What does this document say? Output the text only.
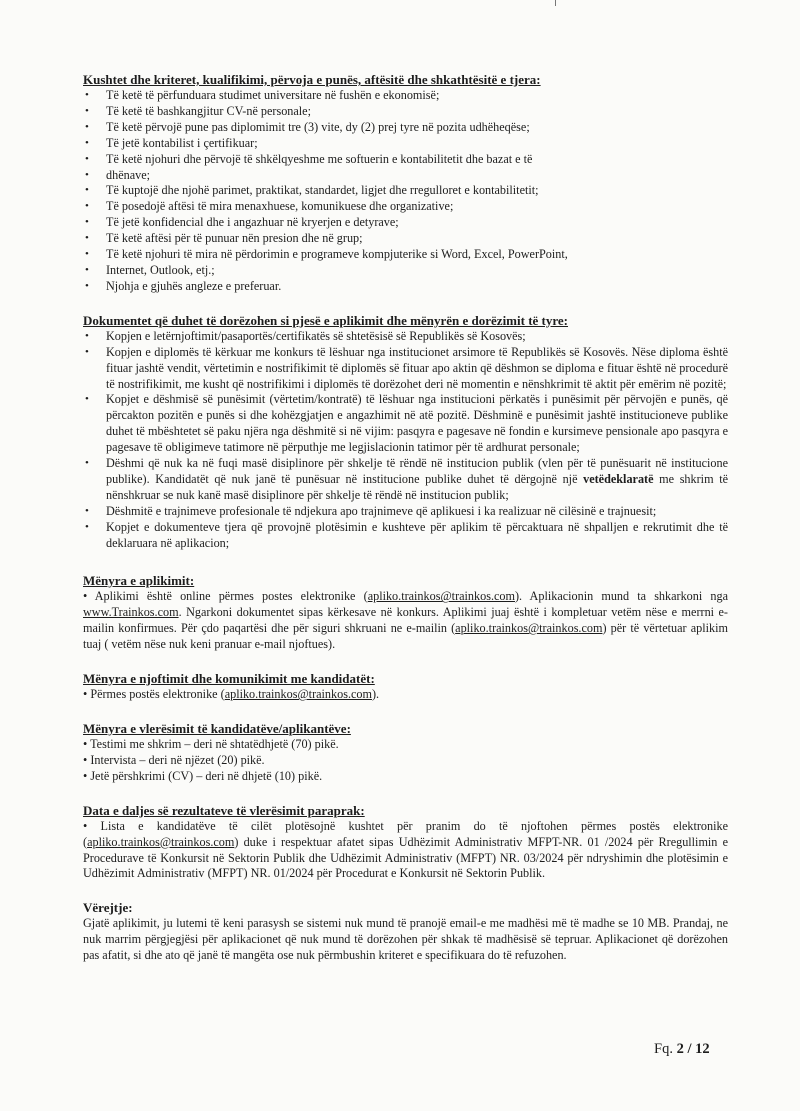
Kushtet dhe kriteret, kualifikimi, përvoja e punës, aftësitë dhe shkathtësitë e tjera:

• Të ketë të përfunduara studimet universitare në fushën e ekonomisë;
• Të ketë të bashkangjitur CV-në personale;
• Të ketë përvojë pune pas diplomimit tre (3) vite, dy (2) prej tyre në pozita udhëheqëse;
• Të jetë kontabilist i çertifikuar;
• Të ketë njohuri dhe përvojë të shkëlqyeshme me softuerin e kontabilitetit dhe bazat e të
• dhënave;
• Të kuptojë dhe njohë parimet, praktikat, standardet, ligjet dhe rregulloret e kontabilitetit;
• Të posedojë aftësi të mira menaxhuese, komunikuese dhe organizative;
• Të jetë konfidencial dhe i angazhuar në kryerjen e detyrave;
• Të ketë aftësi për të punuar nën presion dhe në grup;
• Të ketë njohuri të mira në përdorimin e programeve kompjuterike si Word, Excel, PowerPoint,
• Internet, Outlook, etj.;
• Njohja e gjuhës angleze e preferuar.

Dokumentet që duhet të dorëzohen si pjesë e aplikimit dhe mënyrën e dorëzimit të tyre:

• Kopjen e letërnjoftimit/pasaportës/certifikatës së shtetësisë së Republikës së Kosovës;
• Kopjen e diplomës të kërkuar me konkurs të lëshuar nga institucionet arsimore të Republikës së Kosovës. Nëse diploma është fituar jashtë vendit, vërtetimin e nostrifikimit të diplomës së fituar apo aktin që dëshmon se diploma e fituar është në procedurë të nostrifikimit, me kusht që nostrifikimi i diplomës të dorëzohet deri në momentin e nënshkrimit të aktit për emërim në pozitë;
• Kopjet e dëshmisë së punësimit (vërtetim/kontratë) të lëshuar nga institucioni përkatës i punësimit për përvojën e punës, që përcakton pozitën e punës si dhe kohëzgjatjen e angazhimit në atë pozitë. Dëshminë e punësimit jashtë institucioneve publike duhet të mbështetet së paku njëra nga dëshmitë si në vijim: pasqyra e pagesave në fondin e kursimeve pensionale apo pasqyra e pagesave të obligimeve tatimore në përputhje me legjislacionin tatimor për të ardhurat personale;
• Dëshmi që nuk ka në fuqi masë disiplinore për shkelje të rëndë në institucion publik (vlen për të punësuarit në institucione publike). Kandidatët që nuk janë të punësuar në institucione publike duhet të dërgojnë një vetëdeklaratë me shkrim të nënshkruar se nuk kanë masë disiplinore për shkelje të rëndë në institucion publik;
• Dëshmitë e trajnimeve profesionale të ndjekura apo trajnimeve që aplikuesi i ka realizuar në cilësinë e trajnuesit;
• Kopjet e dokumenteve tjera që provojnë plotësimin e kushteve për aplikim të përcaktuara në shpalljen e rekrutimit dhe të deklaruara në aplikacion;

Mënyra e aplikimit:

• Aplikimi është online përmes postes elektronike (apliko.trainkos@trainkos.com). Aplikacionin mund ta shkarkoni nga www.Trainkos.com. Ngarkoni dokumentet sipas kërkesave në konkurs. Aplikimi juaj është i kompletuar vetëm nëse e merrni e-mailin konfirmues. Për çdo paqartësi dhe për siguri shkruani ne e-mailin (apliko.trainkos@trainkos.com) për të vërtetuar aplikim tuaj ( vetëm nëse nuk keni pranuar e-mail njoftues).

Mënyra e njoftimit dhe komunikimit me kandidatët:

• Përmes postës elektronike (apliko.trainkos@trainkos.com).

Mënyra e vlerësimit të kandidatëve/aplikantëve:

• Testimi me shkrim – deri në shtatëdhjetë (70) pikë.

• Intervista – deri në njëzet (20) pikë.

• Jetë përshkrimi (CV) – deri në dhjetë (10) pikë.

Data e daljes së rezultateve të vlerësimit paraprak:

• Lista e kandidatëve të cilët plotësojnë kushtet për pranim do të njoftohen përmes postës elektronike (apliko.trainkos@trainkos.com) duke i respektuar afatet sipas Udhëzimit Administrativ MFPT-NR. 01 /2024 për Rregullimin e Procedurave të Konkursit në Sektorin Publik dhe Udhëzimit Administrativ (MFPT) NR. 03/2024 për ndryshimin dhe plotësimin e Udhëzimit Administrativ (MFPT) NR. 01/2024 për Procedurat e Konkursit në Sektorin Publik.

Vërejtje:

Gjatë aplikimit, ju lutemi të keni parasysh se sistemi nuk mund të pranojë email-e me madhësi më të madhe se 10 MB. Prandaj, ne nuk marrim përgjegjësi për aplikacionet që nuk mund të dorëzohen për shkak të madhësisë së tepruar. Aplikacionet që dorëzohen pas afatit, si dhe ato që janë të mangëta ose nuk përmbushin kriteret e specifikuara do të refuzohen.

Fq. 2 / 12
